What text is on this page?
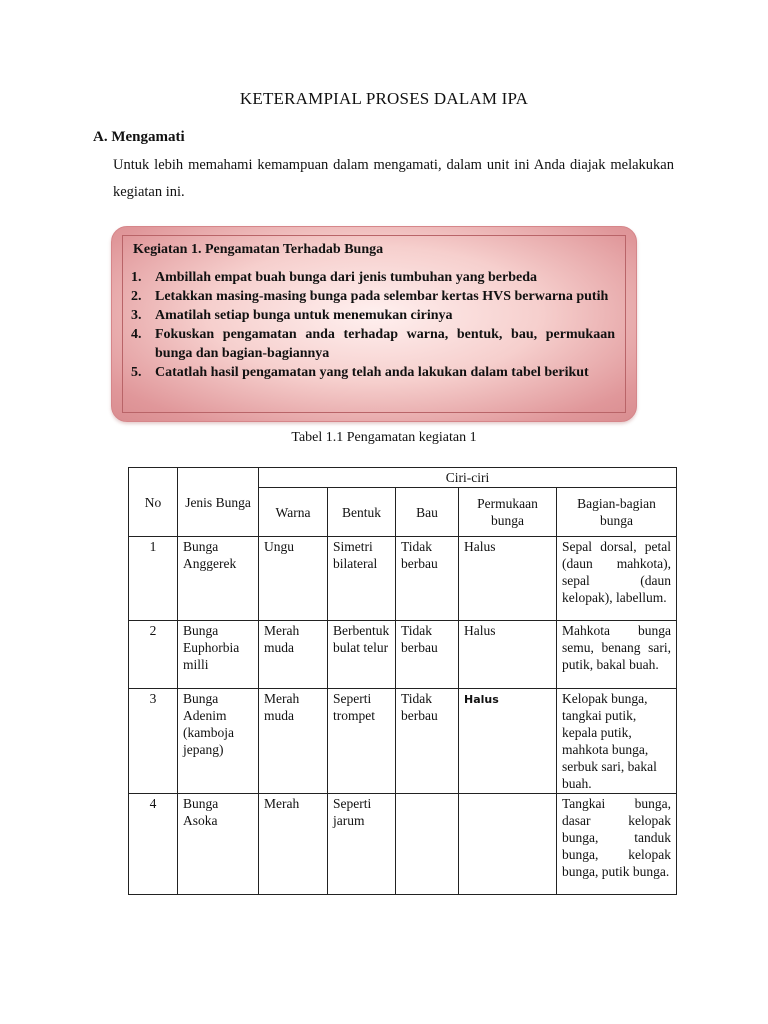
KETERAMPIAL PROSES DALAM IPA
A. Mengamati
Untuk lebih memahami kemampuan dalam mengamati, dalam unit ini Anda diajak melakukan kegiatan ini.
Kegiatan 1. Pengamatan Terhadab Bunga
1. Ambillah empat buah bunga dari jenis tumbuhan yang berbeda
2. Letakkan masing-masing bunga pada selembar kertas HVS berwarna putih
3. Amatilah setiap bunga untuk menemukan cirinya
4. Fokuskan pengamatan anda terhadap warna, bentuk, bau, permukaan bunga dan bagian-bagiannya
5. Catatlah hasil pengamatan yang telah anda lakukan dalam tabel berikut
Tabel 1.1 Pengamatan kegiatan 1
No	Jenis Bunga	Ciri-ciri				
		Warna	Bentuk	Bau	Permukaan bunga	Bagian-bagian bunga
1	Bunga Anggerek	Ungu	Simetri bilateral	Tidak berbau	Halus	Sepal dorsal, petal (daun mahkota), sepal (daun kelopak), labellum.
2	Bunga Euphorbia milli	Merah muda	Berbentuk bulat telur	Tidak berbau	Halus	Mahkota bunga semu, benang sari, putik, bakal buah.
3	Bunga Adenim (kamboja jepang)	Merah muda	Seperti trompet	Tidak berbau	Halus	Kelopak bunga, tangkai putik, kepala putik, mahkota bunga, serbuk sari, bakal buah.
4	Bunga Asoka	Merah	Seperti jarum			Tangkai bunga, dasar kelopak bunga, tanduk bunga, kelopak bunga, putik bunga.
